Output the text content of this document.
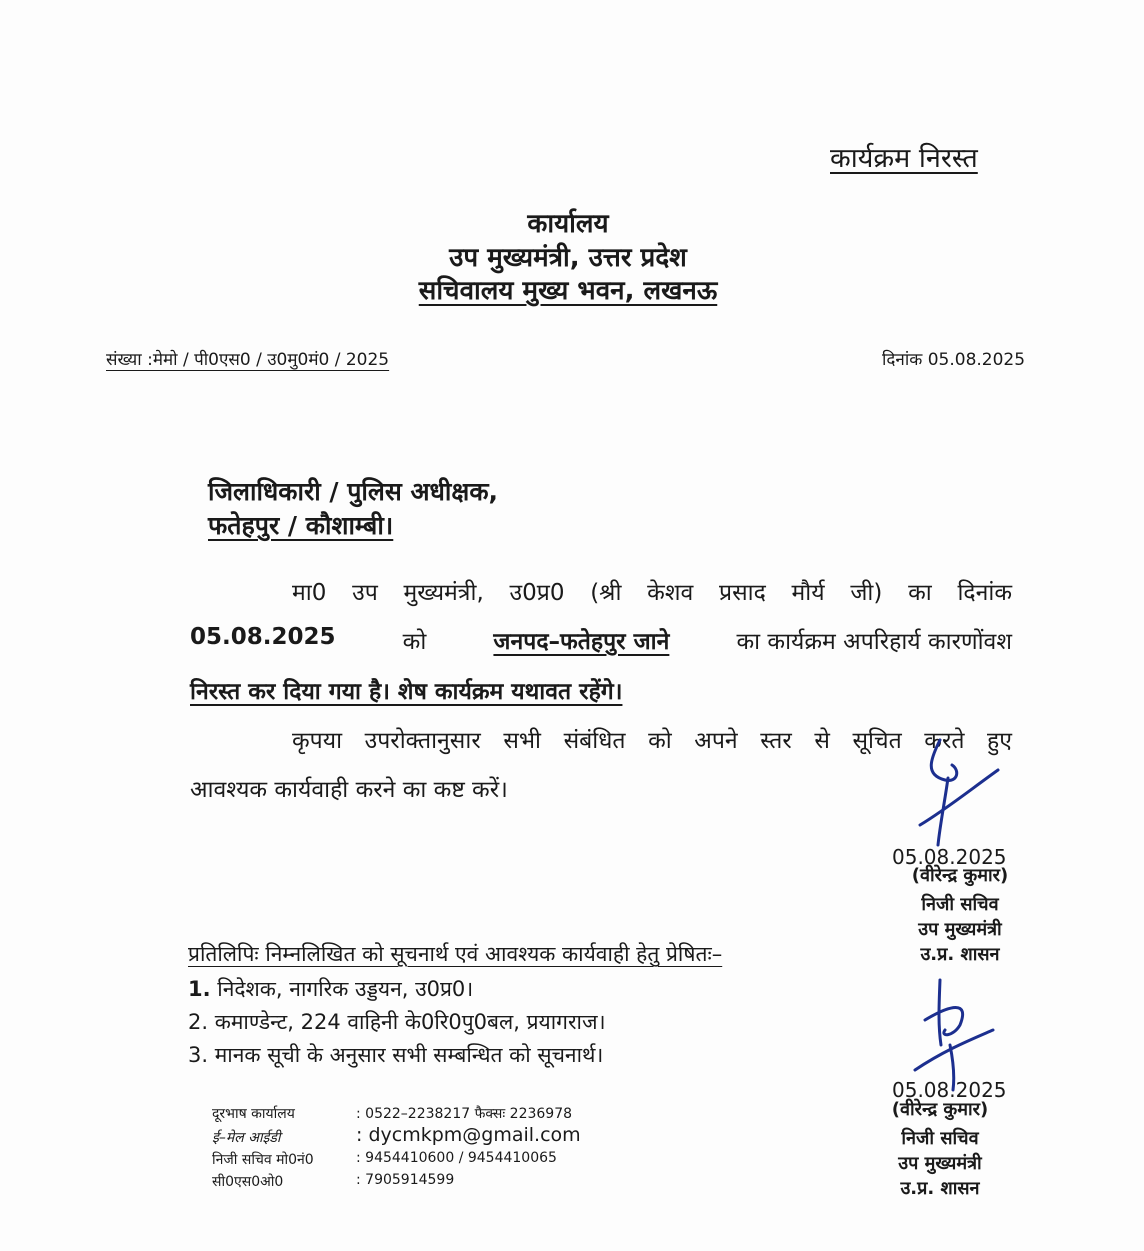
कार्यक्रम निरस्त
कार्यालय
उप मुख्यमंत्री, उत्तर प्रदेश
सचिवालय मुख्य भवन, लखनऊ
संख्या :मेमो / पी0एस0 / उ0मु0मं0 / 2025	दिनांक 05.08.2025
जिलाधिकारी / पुलिस अधीक्षक,
फतेहपुर / कौशाम्बी।
मा0 उप मुख्यमंत्री, उ0प्र0 (श्री केशव प्रसाद मौर्य जी) का दिनांक
05.08.2025	को	जनपद–फतेहपुर जाने	का कार्यक्रम अपरिहार्य कारणोंवश
निरस्त कर दिया गया है। शेष कार्यक्रम यथावत रहेंगे।
कृपया उपरोक्तानुसार सभी संबंधित को अपने स्तर से सूचित करते हुए
आवश्यक कार्यवाही करने का कष्ट करें।
05.08.2025
(वीरेन्द्र कुमार)
निजी सचिव
उप मुख्यमंत्री
उ.प्र. शासन
प्रतिलिपिः निम्नलिखित को सूचनार्थ एवं आवश्यक कार्यवाही हेतु प्रेषितः–
1. निदेशक, नागरिक उड्डयन, उ0प्र0।
2. कमाण्डेन्ट, 224 वाहिनी के0रि0पु0बल, प्रयागराज।
3. मानक सूची के अनुसार सभी सम्बन्धित को सूचनार्थ।
05.08.2025
(वीरेन्द्र कुमार)
निजी सचिव
उप मुख्यमंत्री
उ.प्र. शासन
दूरभाष कार्यालय	: 0522–2238217 फैक्सः 2236978
ई–मेल आईडी	: dycmkpm@gmail.com
निजी सचिव मो0नं0	: 9454410600 / 9454410065
सी0एस0ओ0	: 7905914599
